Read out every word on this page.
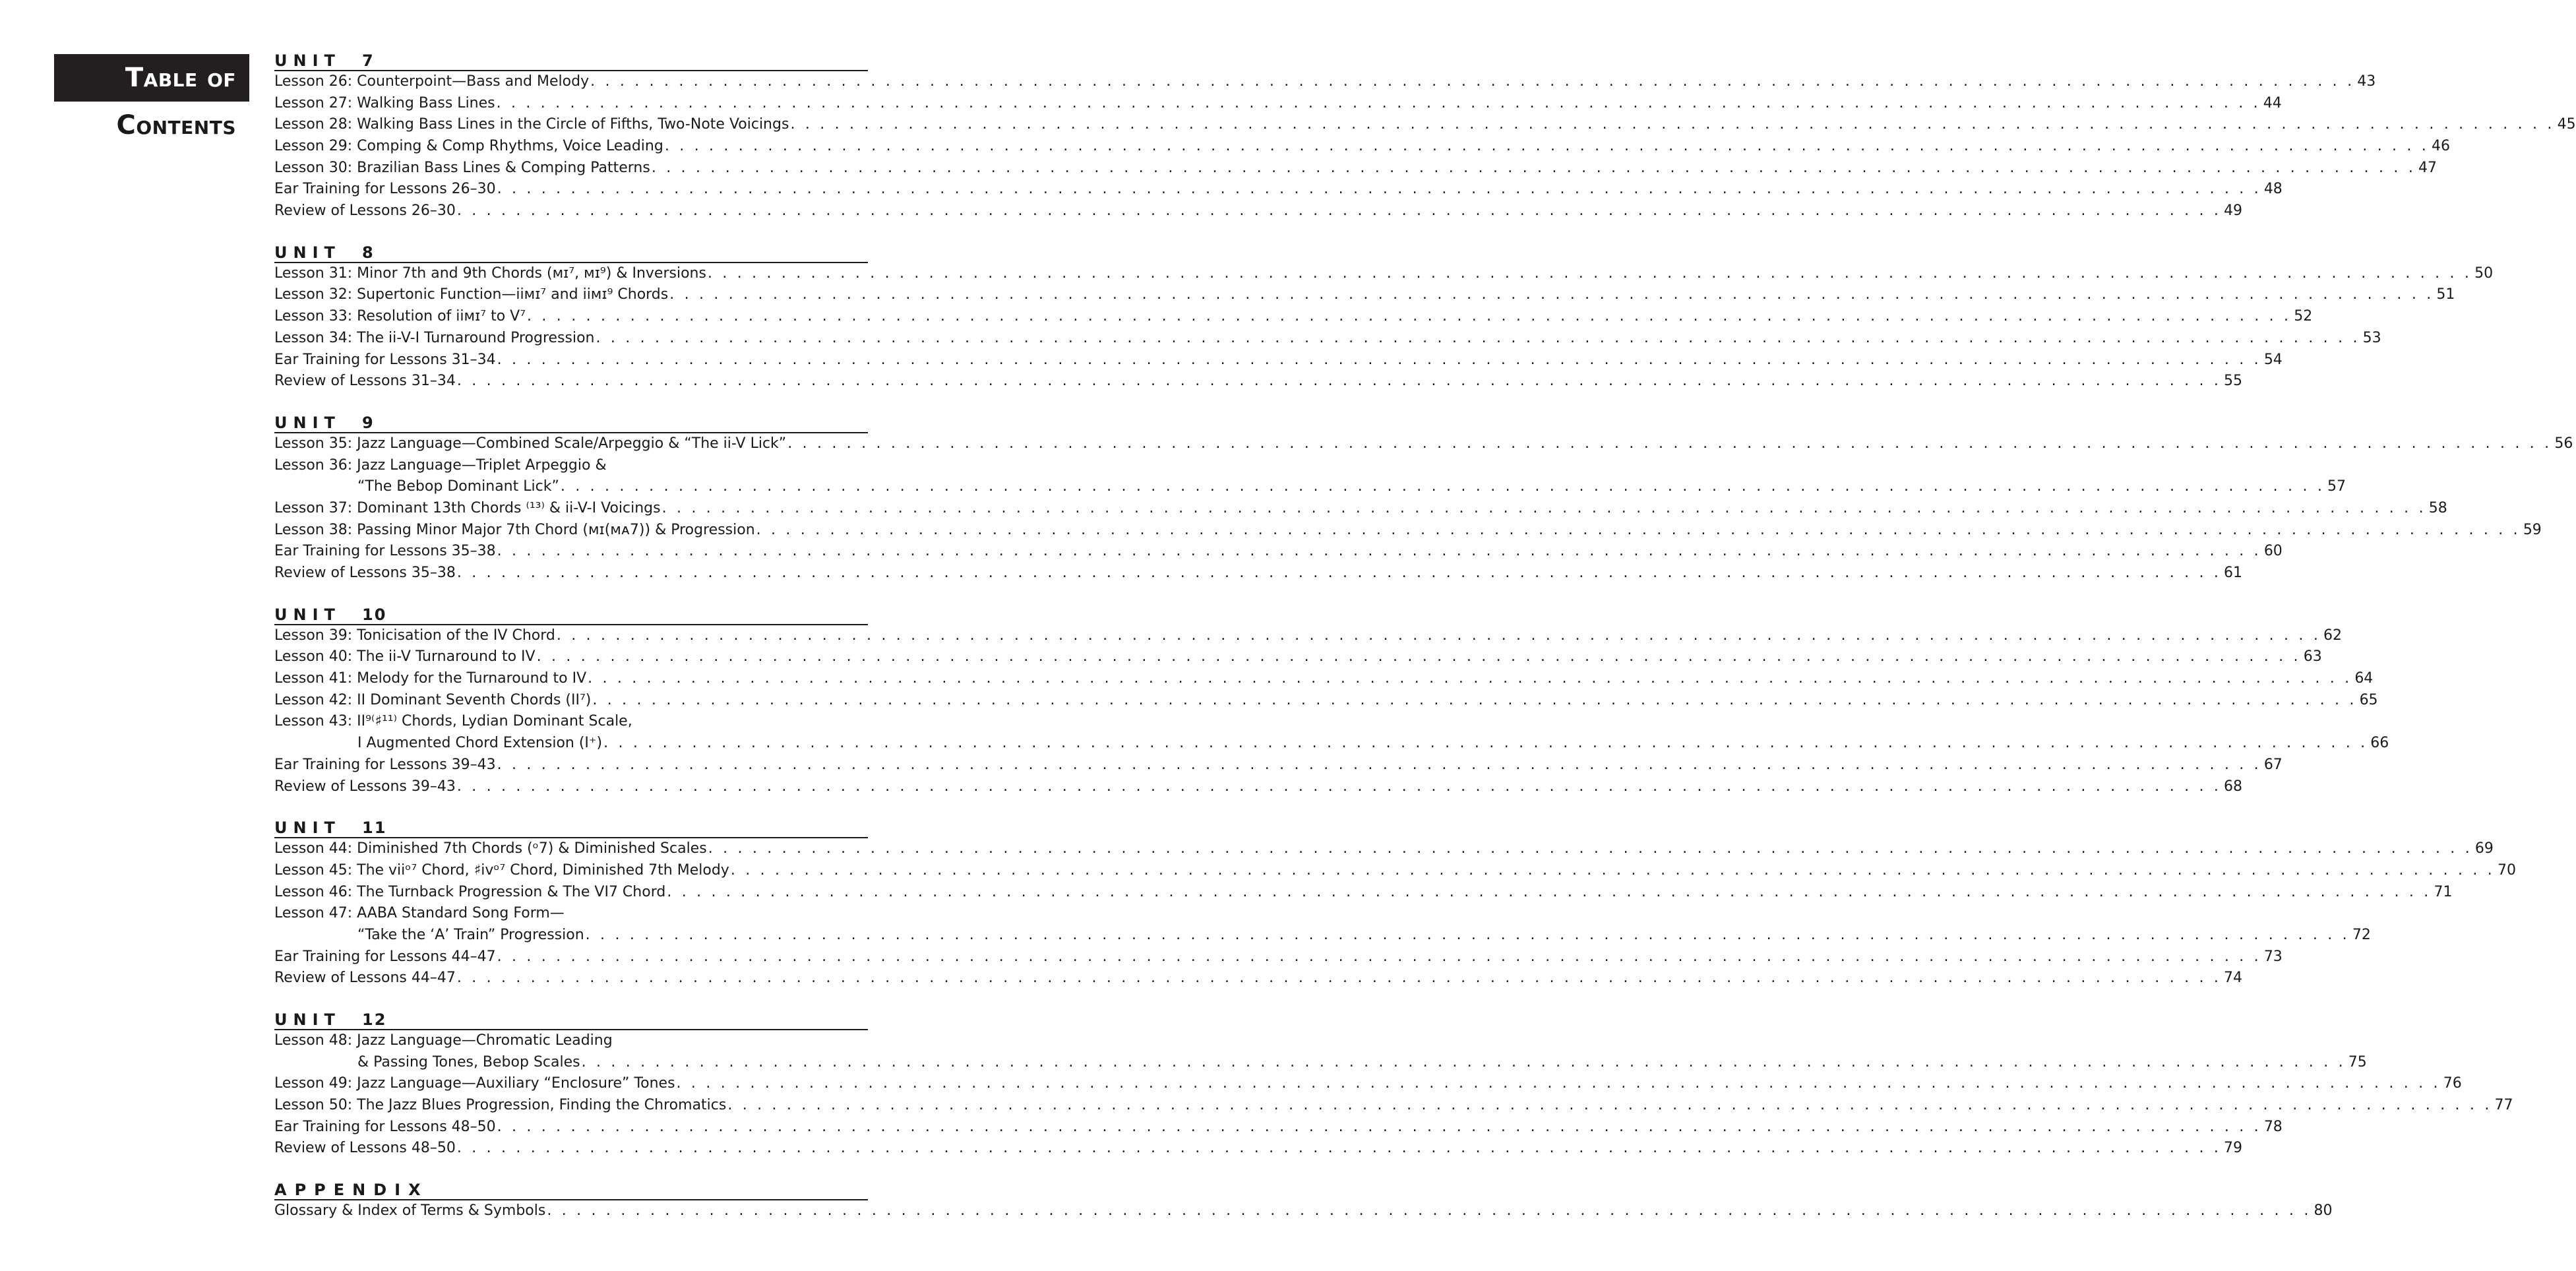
Table of
Contents
UNIT 7
Lesson 26: Counterpoint—Bass and Melody . . . . . . . . . . . . . . . . . . . . . . . . . . . . . . . . . . . . . . . . . . . . . . . . . . . . . . . . . . . . . . . . . . . . . . . . . . . . . . . . . . . . . . . . . . . . . . . . . . . . . . . . . . . . . . . . . . . . . . . . 43
Lesson 27: Walking Bass Lines . . . . . . . . . . . . . . . . . . . . . . . . . . . . . . . . . . . . . . . . . . . . . . . . . . . . . . . . . . . . . . . . . . . . . . . . . . . . . . . . . . . . . . . . . . . . . . . . . . . . . . . . . . . . . . . . . . . . . . . . 44
Lesson 28: Walking Bass Lines in the Circle of Fifths, Two-Note Voicings . . . . . . . . . . . . . . . . . . . . . . . . . . . . . . . . . . . . . . . . . . . . . . . . . . . . . . . . . . . . . . . . . . . . . . . . . . . . . . . . . . . . . . . . . . . . . . . . . . . . . . . . . . . . . . . . . . . . . . . . 45
Lesson 29: Comping & Comp Rhythms, Voice Leading . . . . . . . . . . . . . . . . . . . . . . . . . . . . . . . . . . . . . . . . . . . . . . . . . . . . . . . . . . . . . . . . . . . . . . . . . . . . . . . . . . . . . . . . . . . . . . . . . . . . . . . . . . . . . . . . . . . . . . . . 46
Lesson 30: Brazilian Bass Lines & Comping Patterns . . . . . . . . . . . . . . . . . . . . . . . . . . . . . . . . . . . . . . . . . . . . . . . . . . . . . . . . . . . . . . . . . . . . . . . . . . . . . . . . . . . . . . . . . . . . . . . . . . . . . . . . . . . . . . . . . . . . . . . . 47
Ear Training for Lessons 26–30 . . . . . . . . . . . . . . . . . . . . . . . . . . . . . . . . . . . . . . . . . . . . . . . . . . . . . . . . . . . . . . . . . . . . . . . . . . . . . . . . . . . . . . . . . . . . . . . . . . . . . . . . . . . . . . . . . . . . . . . . 48
Review of Lessons 26–30 . . . . . . . . . . . . . . . . . . . . . . . . . . . . . . . . . . . . . . . . . . . . . . . . . . . . . . . . . . . . . . . . . . . . . . . . . . . . . . . . . . . . . . . . . . . . . . . . . . . . . . . . . . . . . . . . . . . . . . . . 49
UNIT 8
Lesson 31: Minor 7th and 9th Chords (ᴍɪ⁷, ᴍɪ⁹) & Inversions . . . . . . . . . . . . . . . . . . . . . . . . . . . . . . . . . . . . . . . . . . . . . . . . . . . . . . . . . . . . . . . . . . . . . . . . . . . . . . . . . . . . . . . . . . . . . . . . . . . . . . . . . . . . . . . . . . . . . . . . 50
Lesson 32: Supertonic Function—iiᴍɪ⁷ and iiᴍɪ⁹ Chords . . . . . . . . . . . . . . . . . . . . . . . . . . . . . . . . . . . . . . . . . . . . . . . . . . . . . . . . . . . . . . . . . . . . . . . . . . . . . . . . . . . . . . . . . . . . . . . . . . . . . . . . . . . . . . . . . . . . . . . . 51
Lesson 33: Resolution of iiᴍɪ⁷ to V⁷ . . . . . . . . . . . . . . . . . . . . . . . . . . . . . . . . . . . . . . . . . . . . . . . . . . . . . . . . . . . . . . . . . . . . . . . . . . . . . . . . . . . . . . . . . . . . . . . . . . . . . . . . . . . . . . . . . . . . . . . . 52
Lesson 34: The ii-V-I Turnaround Progression . . . . . . . . . . . . . . . . . . . . . . . . . . . . . . . . . . . . . . . . . . . . . . . . . . . . . . . . . . . . . . . . . . . . . . . . . . . . . . . . . . . . . . . . . . . . . . . . . . . . . . . . . . . . . . . . . . . . . . . . 53
Ear Training for Lessons 31–34 . . . . . . . . . . . . . . . . . . . . . . . . . . . . . . . . . . . . . . . . . . . . . . . . . . . . . . . . . . . . . . . . . . . . . . . . . . . . . . . . . . . . . . . . . . . . . . . . . . . . . . . . . . . . . . . . . . . . . . . . 54
Review of Lessons 31–34 . . . . . . . . . . . . . . . . . . . . . . . . . . . . . . . . . . . . . . . . . . . . . . . . . . . . . . . . . . . . . . . . . . . . . . . . . . . . . . . . . . . . . . . . . . . . . . . . . . . . . . . . . . . . . . . . . . . . . . . . 55
UNIT 9
Lesson 35: Jazz Language—Combined Scale/Arpeggio & “The ii-V Lick” . . . . . . . . . . . . . . . . . . . . . . . . . . . . . . . . . . . . . . . . . . . . . . . . . . . . . . . . . . . . . . . . . . . . . . . . . . . . . . . . . . . . . . . . . . . . . . . . . . . . . . . . . . . . . . . . . . . . . . . . 56
Lesson 36: Jazz Language—Triplet Arpeggio &
“The Bebop Dominant Lick” . . . . . . . . . . . . . . . . . . . . . . . . . . . . . . . . . . . . . . . . . . . . . . . . . . . . . . . . . . . . . . . . . . . . . . . . . . . . . . . . . . . . . . . . . . . . . . . . . . . . . . . . . . . . . . . . . . . . . . . . 57
Lesson 37: Dominant 13th Chords ⁽¹³⁾ & ii-V-I Voicings . . . . . . . . . . . . . . . . . . . . . . . . . . . . . . . . . . . . . . . . . . . . . . . . . . . . . . . . . . . . . . . . . . . . . . . . . . . . . . . . . . . . . . . . . . . . . . . . . . . . . . . . . . . . . . . . . . . . . . . . 58
Lesson 38: Passing Minor Major 7th Chord (ᴍɪ(ᴍᴀ7)) & Progression . . . . . . . . . . . . . . . . . . . . . . . . . . . . . . . . . . . . . . . . . . . . . . . . . . . . . . . . . . . . . . . . . . . . . . . . . . . . . . . . . . . . . . . . . . . . . . . . . . . . . . . . . . . . . . . . . . . . . . . . 59
Ear Training for Lessons 35–38 . . . . . . . . . . . . . . . . . . . . . . . . . . . . . . . . . . . . . . . . . . . . . . . . . . . . . . . . . . . . . . . . . . . . . . . . . . . . . . . . . . . . . . . . . . . . . . . . . . . . . . . . . . . . . . . . . . . . . . . . 60
Review of Lessons 35–38 . . . . . . . . . . . . . . . . . . . . . . . . . . . . . . . . . . . . . . . . . . . . . . . . . . . . . . . . . . . . . . . . . . . . . . . . . . . . . . . . . . . . . . . . . . . . . . . . . . . . . . . . . . . . . . . . . . . . . . . . 61
UNIT 10
Lesson 39: Tonicisation of the IV Chord . . . . . . . . . . . . . . . . . . . . . . . . . . . . . . . . . . . . . . . . . . . . . . . . . . . . . . . . . . . . . . . . . . . . . . . . . . . . . . . . . . . . . . . . . . . . . . . . . . . . . . . . . . . . . . . . . . . . . . . . 62
Lesson 40: The ii-V Turnaround to IV . . . . . . . . . . . . . . . . . . . . . . . . . . . . . . . . . . . . . . . . . . . . . . . . . . . . . . . . . . . . . . . . . . . . . . . . . . . . . . . . . . . . . . . . . . . . . . . . . . . . . . . . . . . . . . . . . . . . . . . . 63
Lesson 41: Melody for the Turnaround to IV . . . . . . . . . . . . . . . . . . . . . . . . . . . . . . . . . . . . . . . . . . . . . . . . . . . . . . . . . . . . . . . . . . . . . . . . . . . . . . . . . . . . . . . . . . . . . . . . . . . . . . . . . . . . . . . . . . . . . . . . 64
Lesson 42: II Dominant Seventh Chords (II⁷) . . . . . . . . . . . . . . . . . . . . . . . . . . . . . . . . . . . . . . . . . . . . . . . . . . . . . . . . . . . . . . . . . . . . . . . . . . . . . . . . . . . . . . . . . . . . . . . . . . . . . . . . . . . . . . . . . . . . . . . . 65
Lesson 43: II⁹⁽♯¹¹⁾ Chords, Lydian Dominant Scale,
I Augmented Chord Extension (I⁺) . . . . . . . . . . . . . . . . . . . . . . . . . . . . . . . . . . . . . . . . . . . . . . . . . . . . . . . . . . . . . . . . . . . . . . . . . . . . . . . . . . . . . . . . . . . . . . . . . . . . . . . . . . . . . . . . . . . . . . . . 66
Ear Training for Lessons 39–43 . . . . . . . . . . . . . . . . . . . . . . . . . . . . . . . . . . . . . . . . . . . . . . . . . . . . . . . . . . . . . . . . . . . . . . . . . . . . . . . . . . . . . . . . . . . . . . . . . . . . . . . . . . . . . . . . . . . . . . . . 67
Review of Lessons 39–43 . . . . . . . . . . . . . . . . . . . . . . . . . . . . . . . . . . . . . . . . . . . . . . . . . . . . . . . . . . . . . . . . . . . . . . . . . . . . . . . . . . . . . . . . . . . . . . . . . . . . . . . . . . . . . . . . . . . . . . . . 68
UNIT 11
Lesson 44: Diminished 7th Chords (ᵒ7) & Diminished Scales . . . . . . . . . . . . . . . . . . . . . . . . . . . . . . . . . . . . . . . . . . . . . . . . . . . . . . . . . . . . . . . . . . . . . . . . . . . . . . . . . . . . . . . . . . . . . . . . . . . . . . . . . . . . . . . . . . . . . . . . 69
Lesson 45: The viiᵒ⁷ Chord, ♯ivᵒ⁷ Chord, Diminished 7th Melody . . . . . . . . . . . . . . . . . . . . . . . . . . . . . . . . . . . . . . . . . . . . . . . . . . . . . . . . . . . . . . . . . . . . . . . . . . . . . . . . . . . . . . . . . . . . . . . . . . . . . . . . . . . . . . . . . . . . . . . . 70
Lesson 46: The Turnback Progression & The VI7 Chord . . . . . . . . . . . . . . . . . . . . . . . . . . . . . . . . . . . . . . . . . . . . . . . . . . . . . . . . . . . . . . . . . . . . . . . . . . . . . . . . . . . . . . . . . . . . . . . . . . . . . . . . . . . . . . . . . . . . . . . . 71
Lesson 47: AABA Standard Song Form—
“Take the ‘A’ Train” Progression . . . . . . . . . . . . . . . . . . . . . . . . . . . . . . . . . . . . . . . . . . . . . . . . . . . . . . . . . . . . . . . . . . . . . . . . . . . . . . . . . . . . . . . . . . . . . . . . . . . . . . . . . . . . . . . . . . . . . . . . 72
Ear Training for Lessons 44–47 . . . . . . . . . . . . . . . . . . . . . . . . . . . . . . . . . . . . . . . . . . . . . . . . . . . . . . . . . . . . . . . . . . . . . . . . . . . . . . . . . . . . . . . . . . . . . . . . . . . . . . . . . . . . . . . . . . . . . . . . 73
Review of Lessons 44–47 . . . . . . . . . . . . . . . . . . . . . . . . . . . . . . . . . . . . . . . . . . . . . . . . . . . . . . . . . . . . . . . . . . . . . . . . . . . . . . . . . . . . . . . . . . . . . . . . . . . . . . . . . . . . . . . . . . . . . . . . 74
UNIT 12
Lesson 48: Jazz Language—Chromatic Leading
& Passing Tones, Bebop Scales . . . . . . . . . . . . . . . . . . . . . . . . . . . . . . . . . . . . . . . . . . . . . . . . . . . . . . . . . . . . . . . . . . . . . . . . . . . . . . . . . . . . . . . . . . . . . . . . . . . . . . . . . . . . . . . . . . . . . . . . 75
Lesson 49: Jazz Language—Auxiliary “Enclosure” Tones . . . . . . . . . . . . . . . . . . . . . . . . . . . . . . . . . . . . . . . . . . . . . . . . . . . . . . . . . . . . . . . . . . . . . . . . . . . . . . . . . . . . . . . . . . . . . . . . . . . . . . . . . . . . . . . . . . . . . . . . 76
Lesson 50: The Jazz Blues Progression, Finding the Chromatics . . . . . . . . . . . . . . . . . . . . . . . . . . . . . . . . . . . . . . . . . . . . . . . . . . . . . . . . . . . . . . . . . . . . . . . . . . . . . . . . . . . . . . . . . . . . . . . . . . . . . . . . . . . . . . . . . . . . . . . . 77
Ear Training for Lessons 48–50 . . . . . . . . . . . . . . . . . . . . . . . . . . . . . . . . . . . . . . . . . . . . . . . . . . . . . . . . . . . . . . . . . . . . . . . . . . . . . . . . . . . . . . . . . . . . . . . . . . . . . . . . . . . . . . . . . . . . . . . . 78
Review of Lessons 48–50 . . . . . . . . . . . . . . . . . . . . . . . . . . . . . . . . . . . . . . . . . . . . . . . . . . . . . . . . . . . . . . . . . . . . . . . . . . . . . . . . . . . . . . . . . . . . . . . . . . . . . . . . . . . . . . . . . . . . . . . . 79
APPENDIX
Glossary & Index of Terms & Symbols . . . . . . . . . . . . . . . . . . . . . . . . . . . . . . . . . . . . . . . . . . . . . . . . . . . . . . . . . . . . . . . . . . . . . . . . . . . . . . . . . . . . . . . . . . . . . . . . . . . . . . . . . . . . . . . . . . . . . . . . 80
